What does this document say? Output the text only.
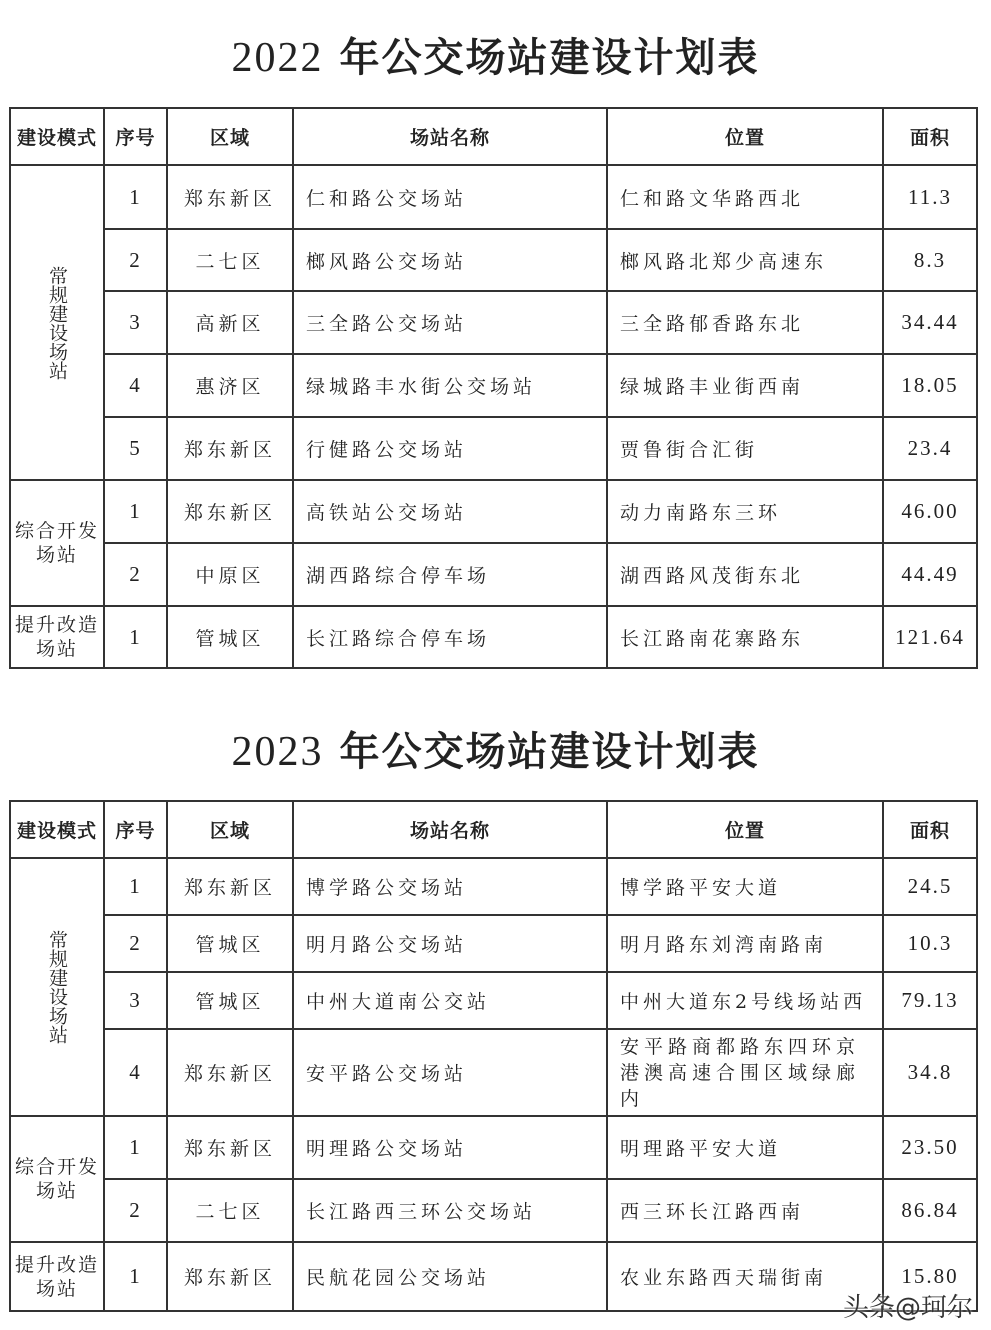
2022 年公交场站建设计划表
建设模式	序号	区域	场站名称	位置	面积
常规建设场站	1	郑东新区	仁和路公交场站	仁和路文华路西北	11.3
	2	二七区	榔风路公交场站	榔风路北郑少高速东	8.3
	3	高新区	三全路公交场站	三全路郁香路东北	34.44
	4	惠济区	绿城路丰水街公交场站	绿城路丰业街西南	18.05
	5	郑东新区	行健路公交场站	贾鲁街合汇街	23.4
综合开发场站	1	郑东新区	高铁站公交场站	动力南路东三环	46.00
	2	中原区	湖西路综合停车场	湖西路风茂街东北	44.49
提升改造场站	1	管城区	长江路综合停车场	长江路南花寨路东	121.64
2023 年公交场站建设计划表
建设模式	序号	区域	场站名称	位置	面积
常规建设场站	1	郑东新区	博学路公交场站	博学路平安大道	24.5
	2	管城区	明月路公交场站	明月路东刘湾南路南	10.3
	3	管城区	中州大道南公交站	中州大道东2号线场站西	79.13
	4	郑东新区	安平路公交场站	安平路商都路东四环京港澳高速合围区域绿廊内	34.8
综合开发场站	1	郑东新区	明理路公交场站	明理路平安大道	23.50
	2	二七区	长江路西三环公交场站	西三环长江路西南	86.84
提升改造场站	1	郑东新区	民航花园公交场站	农业东路西天瑞街南	15.80
头条@珂尔
